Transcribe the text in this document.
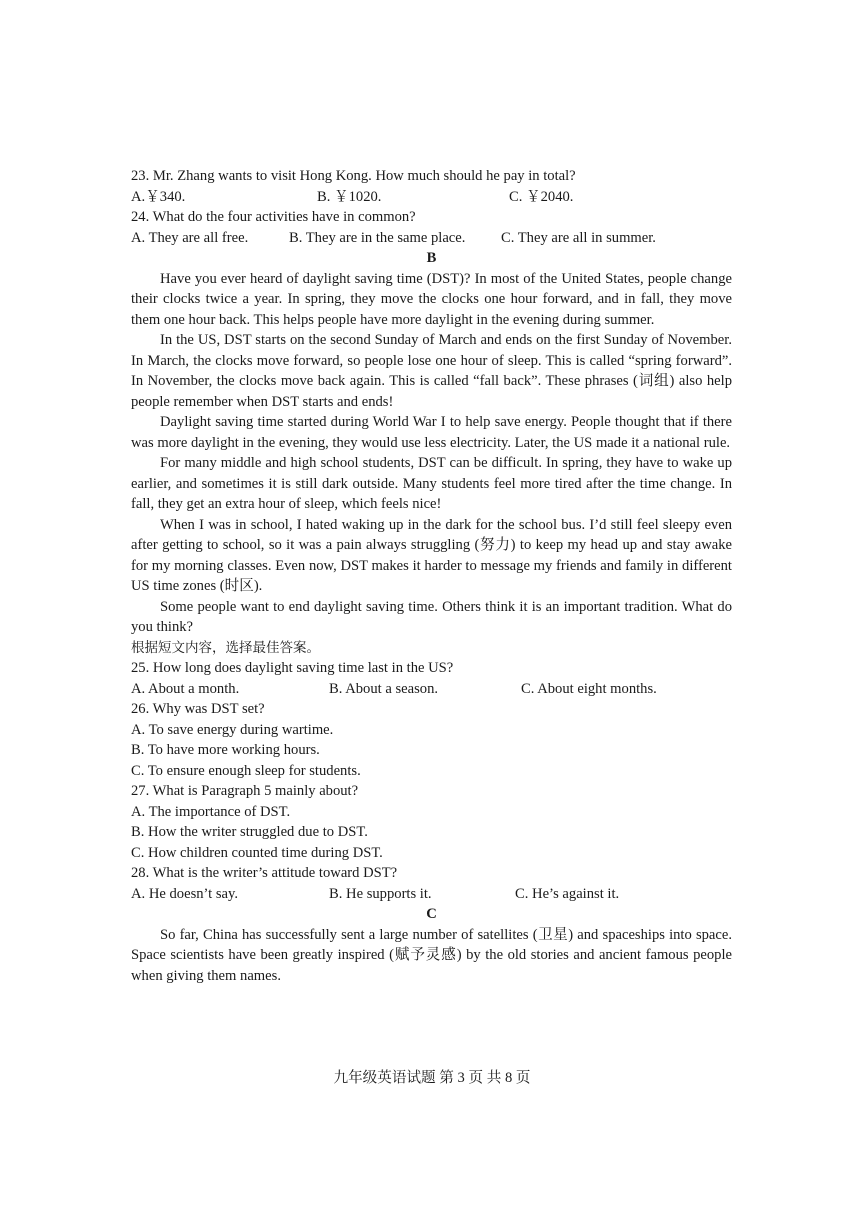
23. Mr. Zhang wants to visit Hong Kong. How much should he pay in total?
A.￥340.	B. ￥1020.	C. ￥2040.
24. What do the four activities have in common?
A. They are all free.	B. They are in the same place.	C. They are all in summer.
B

Have you ever heard of daylight saving time (DST)? In most of the United States, people change their clocks twice a year. In spring, they move the clocks one hour forward, and in fall, they move them one hour back. This helps people have more daylight in the evening during summer.

In the US, DST starts on the second Sunday of March and ends on the first Sunday of November. In March, the clocks move forward, so people lose one hour of sleep. This is called “spring forward”. In November, the clocks move back again. This is called “fall back”. These phrases (词组) also help people remember when DST starts and ends!

Daylight saving time started during World War I to help save energy. People thought that if there was more daylight in the evening, they would use less electricity. Later, the US made it a national rule.

For many middle and high school students, DST can be difficult. In spring, they have to wake up earlier, and sometimes it is still dark outside. Many students feel more tired after the time change. In fall, they get an extra hour of sleep, which feels nice!

When I was in school, I hated waking up in the dark for the school bus. I’d still feel sleepy even after getting to school, so it was a pain always struggling (努力) to keep my head up and stay awake for my morning classes. Even now, DST makes it harder to message my friends and family in different US time zones (时区).

Some people want to end daylight saving time. Others think it is an important tradition. What do you think?

根据短文内容，选择最佳答案。
25. How long does daylight saving time last in the US?
A. About a month.	B. About a season.	C. About eight months.
26. Why was DST set?
A. To save energy during wartime.
B. To have more working hours.
C. To ensure enough sleep for students.
27. What is Paragraph 5 mainly about?
A. The importance of DST.
B. How the writer struggled due to DST.
C. How children counted time during DST.
28. What is the writer’s attitude toward DST?
A. He doesn’t say.	B. He supports it.	C. He’s against it.
C

So far, China has successfully sent a large number of satellites (卫星) and spaceships into space. Space scientists have been greatly inspired (赋予灵感) by the old stories and ancient famous people when giving them names.

九年级英语试题 第 3 页 共 8 页
